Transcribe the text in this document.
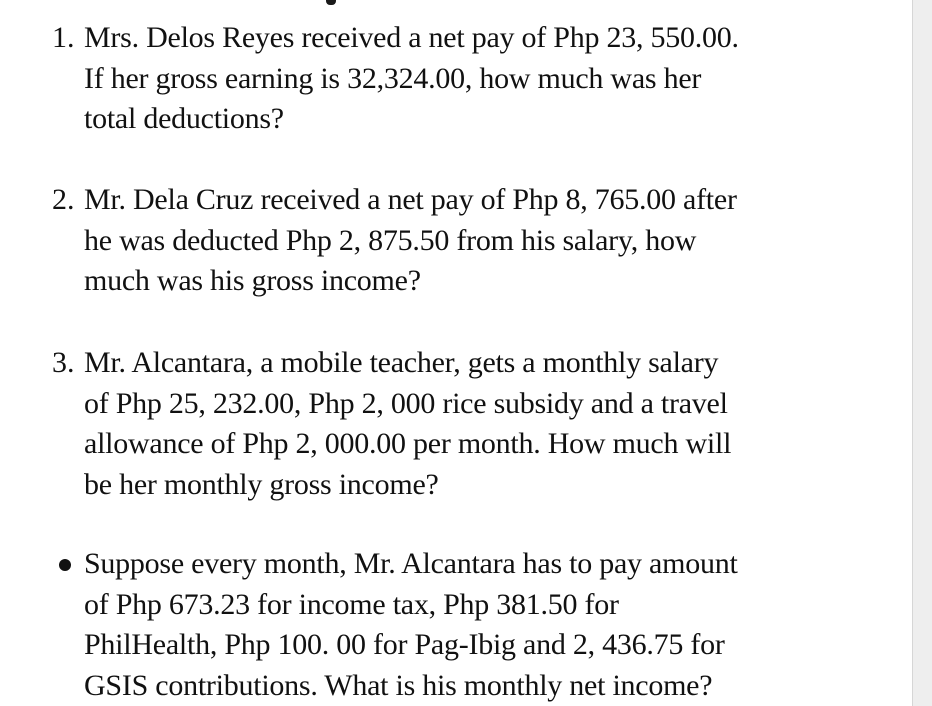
1. Mrs. Delos Reyes received a net pay of Php 23, 550.00.
If her gross earning is 32,324.00, how much was her
total deductions?
2. Mr. Dela Cruz received a net pay of Php 8, 765.00 after
he was deducted Php 2, 875.50 from his salary, how
much was his gross income?
3. Mr. Alcantara, a mobile teacher, gets a monthly salary
of Php 25, 232.00, Php 2, 000 rice subsidy and a travel
allowance of Php 2, 000.00 per month. How much will
be her monthly gross income?
Suppose every month, Mr. Alcantara has to pay amount
of Php 673.23 for income tax, Php 381.50 for
PhilHealth, Php 100. 00 for Pag-Ibig and 2, 436.75 for
GSIS contributions. What is his monthly net income?
